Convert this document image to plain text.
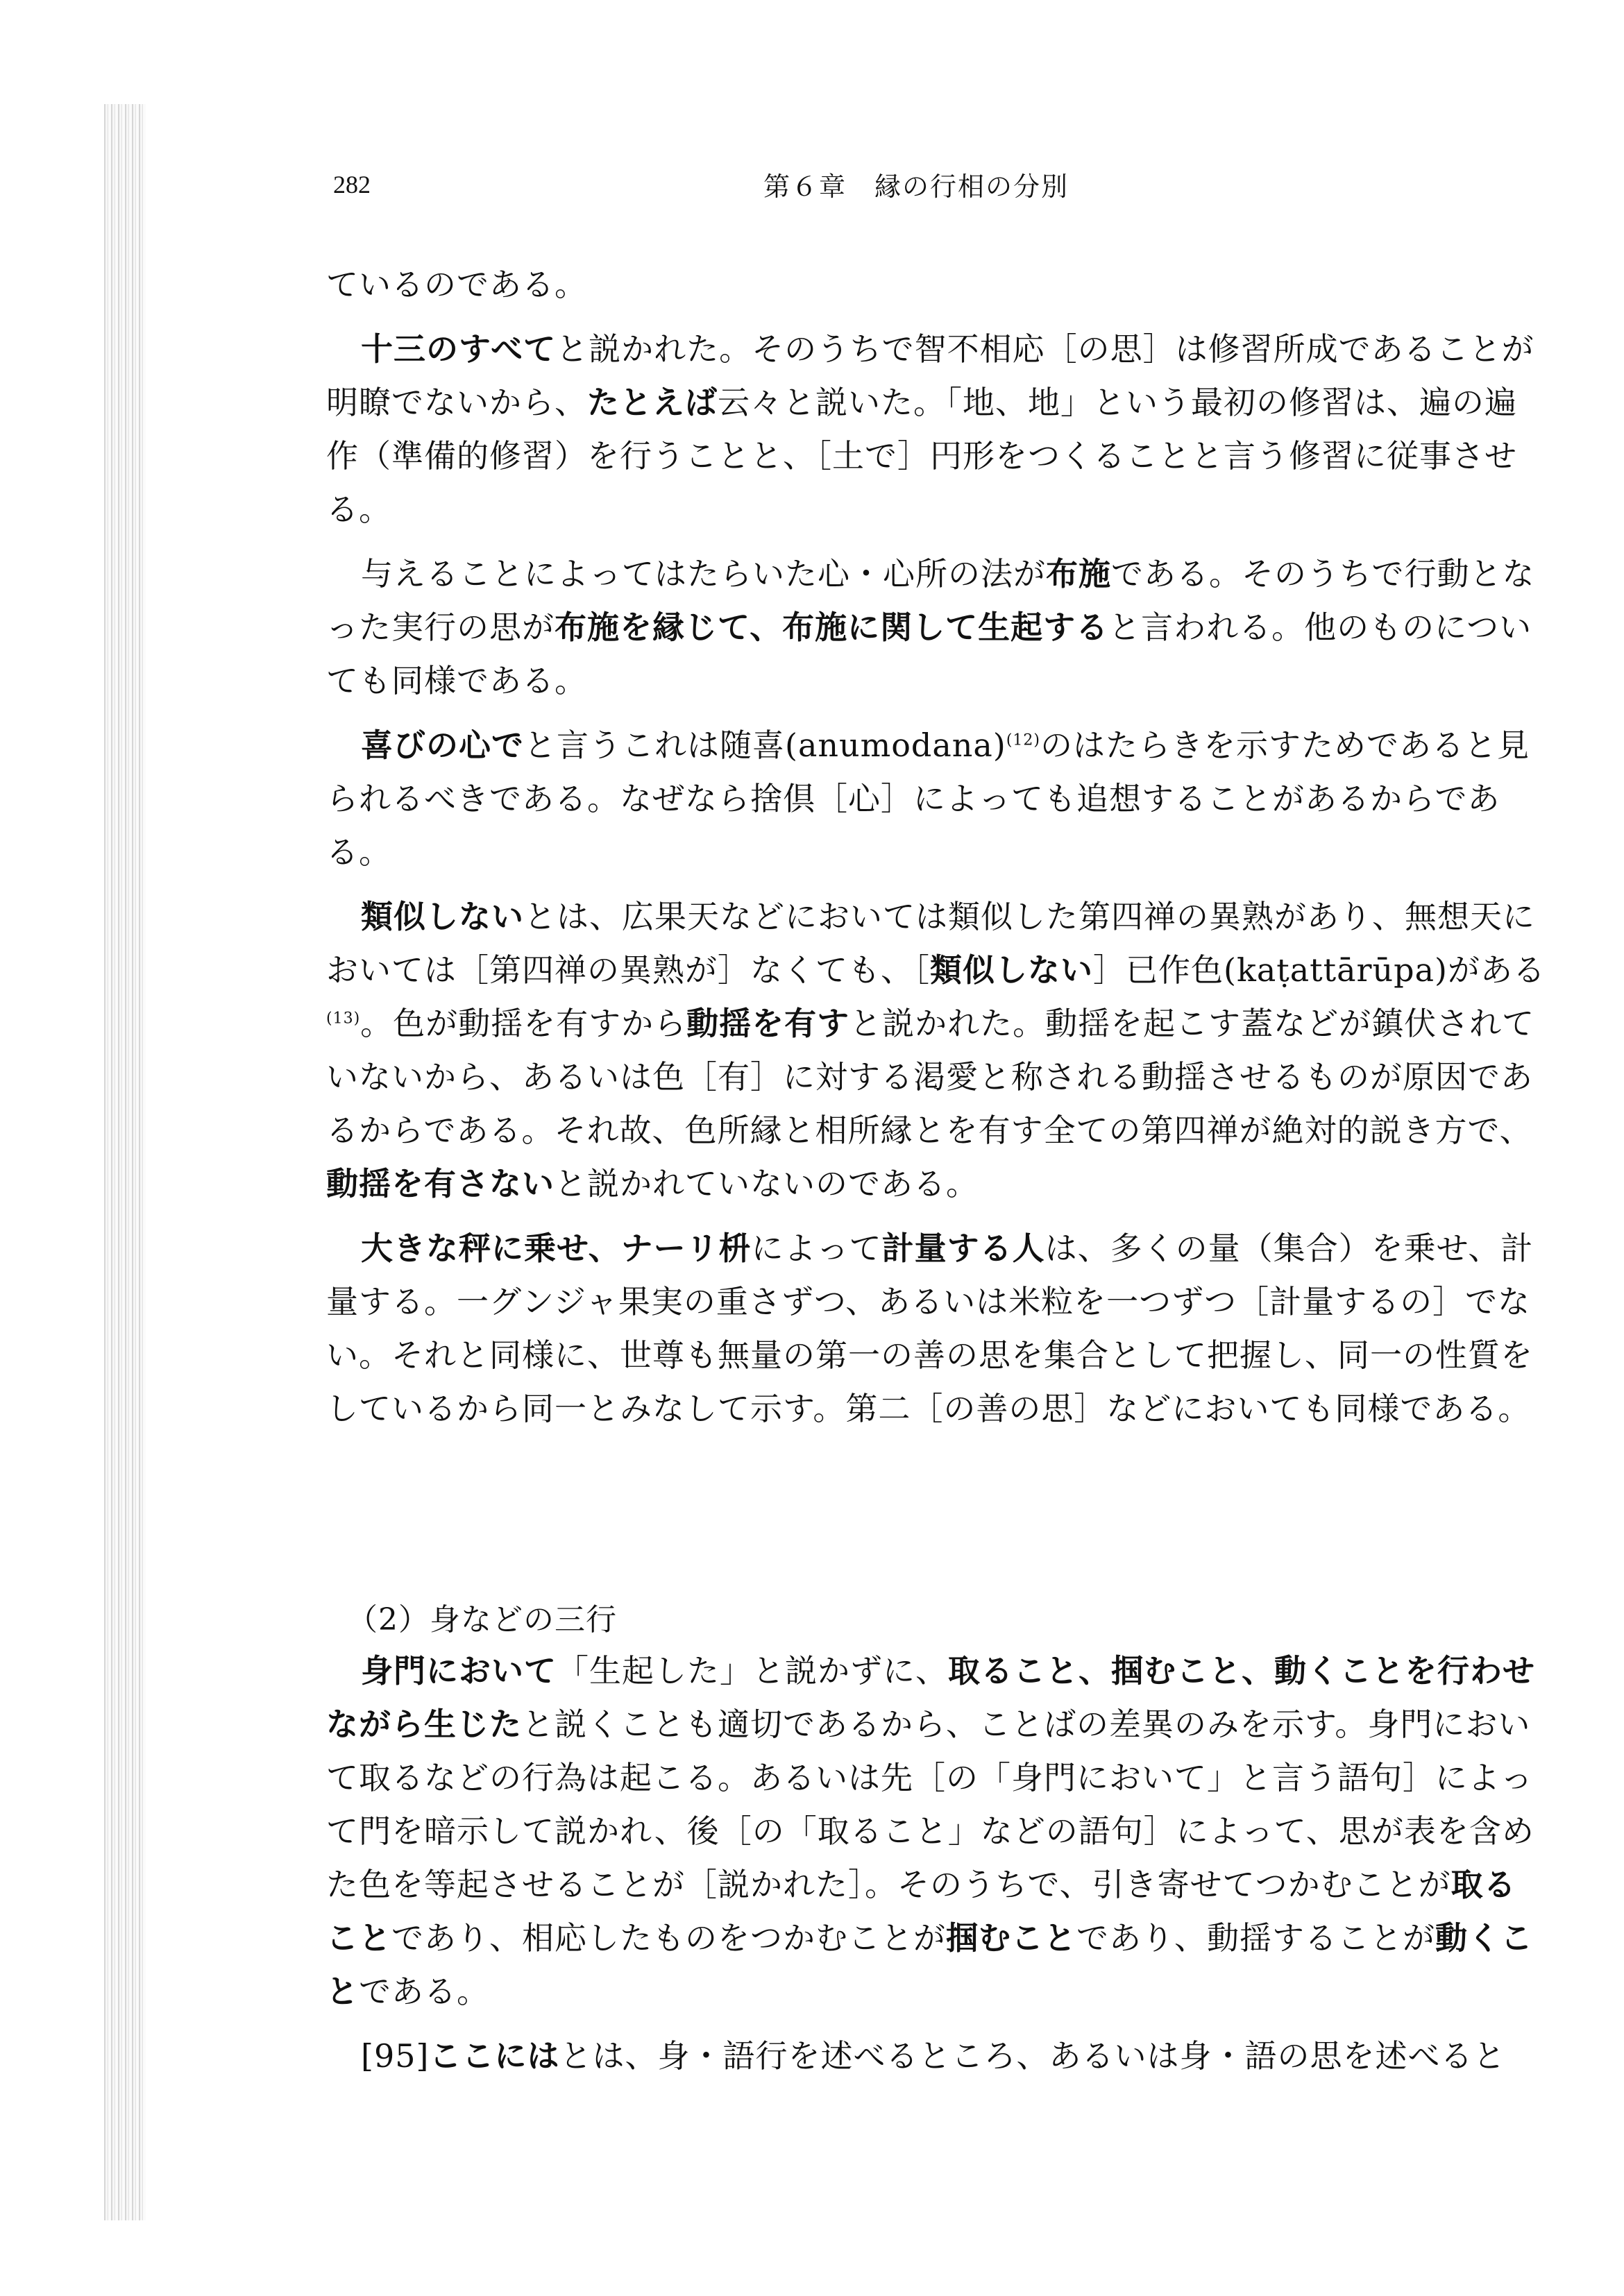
282	第６章　縁の行相の分別

ているのである。

十三のすべてと説かれた。そのうちで智不相応［の思］は修習所成であることが明瞭でないから、たとえば云々と説いた。「地、地」という最初の修習は、遍の遍作（準備的修習）を行うことと、［土で］円形をつくることと言う修習に従事させる。

与えることによってはたらいた心・心所の法が布施である。そのうちで行動となった実行の思が布施を縁じて、布施に関して生起すると言われる。他のものについても同様である。

喜びの心でと言うこれは随喜(anumodana)$^{(12)}$のはたらきを示すためであると見られるべきである。なぜなら捨倶［心］によっても追想することがあるからである。

類似しないとは、広果天などにおいては類似した第四禅の異熟があり、無想天においては［第四禅の異熟が］なくても、［類似しない］已作色(kaṭattārūpa)がある$^{(13)}$。色が動揺を有すから動揺を有すと説かれた。動揺を起こす蓋などが鎮伏されていないから、あるいは色［有］に対する渇愛と称される動揺させるものが原因であるからである。それ故、色所縁と相所縁とを有す全ての第四禅が絶対的説き方で、動揺を有さないと説かれていないのである。

大きな秤に乗せ、ナーリ枡によって計量する人は、多くの量（集合）を乗せ、計量する。一グンジャ果実の重さずつ、あるいは米粒を一つずつ［計量するの］でない。それと同様に、世尊も無量の第一の善の思を集合として把握し、同一の性質をしているから同一とみなして示す。第二［の善の思］などにおいても同様である。

（2）身などの三行

身門において「生起した」と説かずに、取ること、掴むこと、動くことを行わせながら生じたと説くことも適切であるから、ことばの差異のみを示す。身門において取るなどの行為は起こる。あるいは先［の「身門において」と言う語句］によって門を暗示して説かれ、後［の「取ること」などの語句］によって、思が表を含めた色を等起させることが［説かれた］。そのうちで、引き寄せてつかむことが取ることであり、相応したものをつかむことが掴むことであり、動揺することが動くことである。

[95]ここにはとは、身・語行を述べるところ、あるいは身・語の思を述べると
